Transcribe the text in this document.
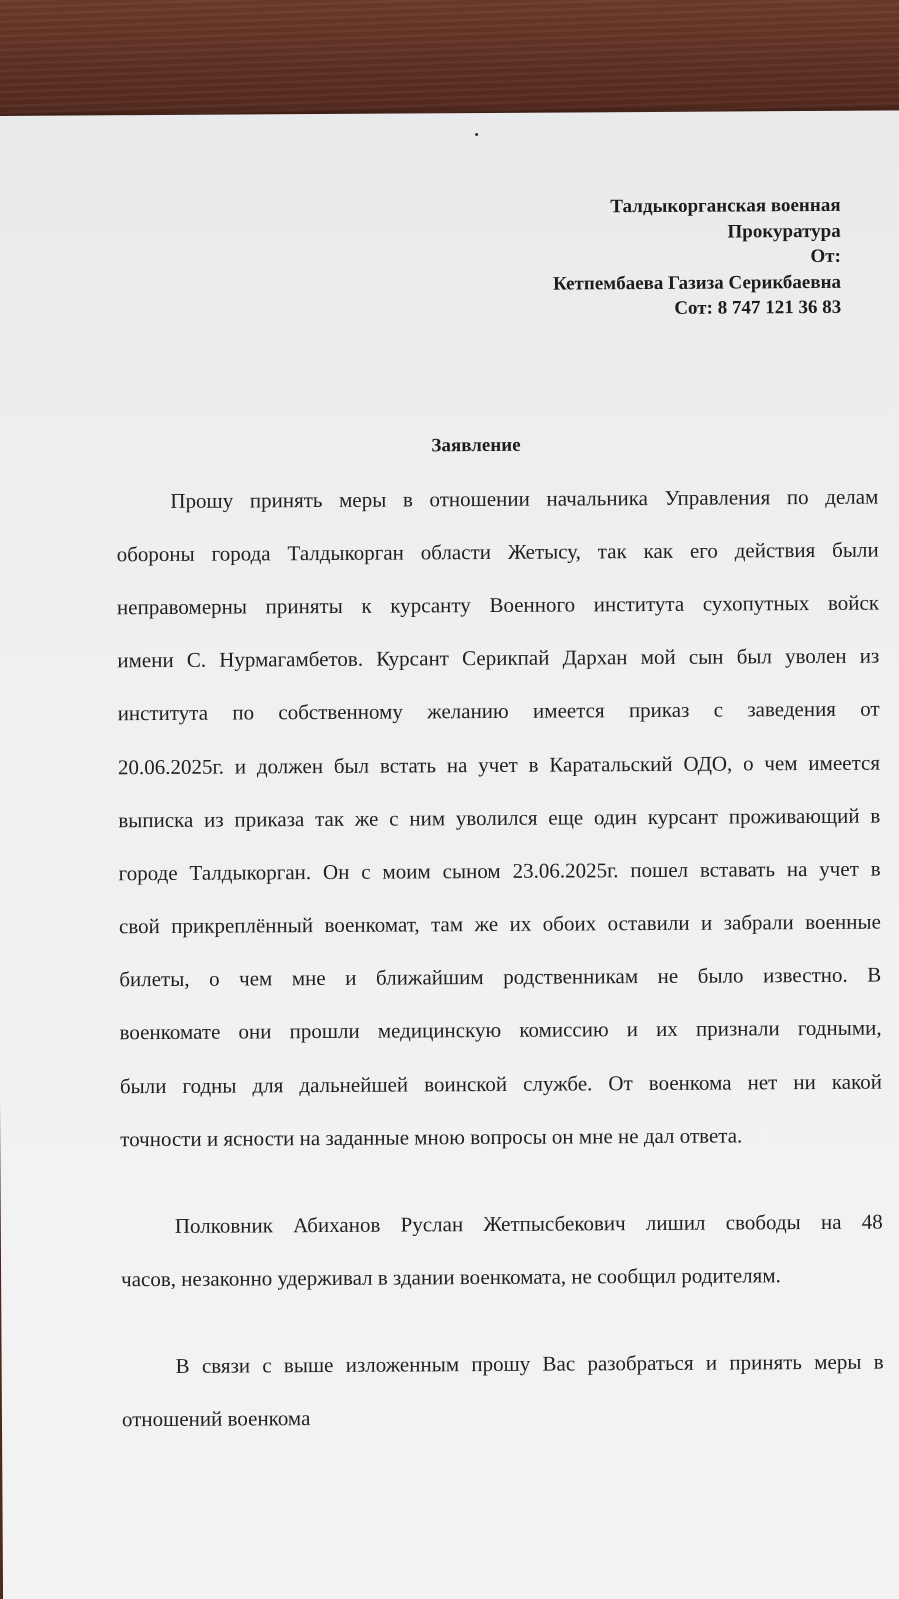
Талдыкорганская военная
Прокуратура
От:
Кетпембаева Газиза Серикбаевна
Сот: 8 747 121 36 83
Заявление

Прошу принять меры в отношении начальника Управления по делам

обороны города Талдыкорган области Жетысу, так как его действия были

неправомерны приняты к курсанту Военного института сухопутных войск

имени С. Нурмагамбетов. Курсант Серикпай Дархан мой сын был уволен из

института по собственному желанию имеется приказ с заведения от

20.06.2025г. и должен был встать на учет в Каратальский ОДО, о чем имеется

выписка из приказа так же с ним уволился еще один курсант проживающий в

городе Талдыкорган. Он с моим сыном 23.06.2025г. пошел вставать на учет в

свой прикреплённый военкомат, там же их обоих оставили и забрали военные

билеты, о чем мне и ближайшим родственникам не было известно. В

военкомате они прошли медицинскую комиссию и их признали годными,

были годны для дальнейшей воинской службе. От военкома нет ни какой

точности и ясности на заданные мною вопросы он мне не дал ответа.

Полковник Абиханов Руслан Жетпысбекович лишил свободы на 48

часов, незаконно удерживал в здании военкомата, не сообщил родителям.

В связи с выше изложенным прошу Вас разобраться и принять меры в

отношений военкома
